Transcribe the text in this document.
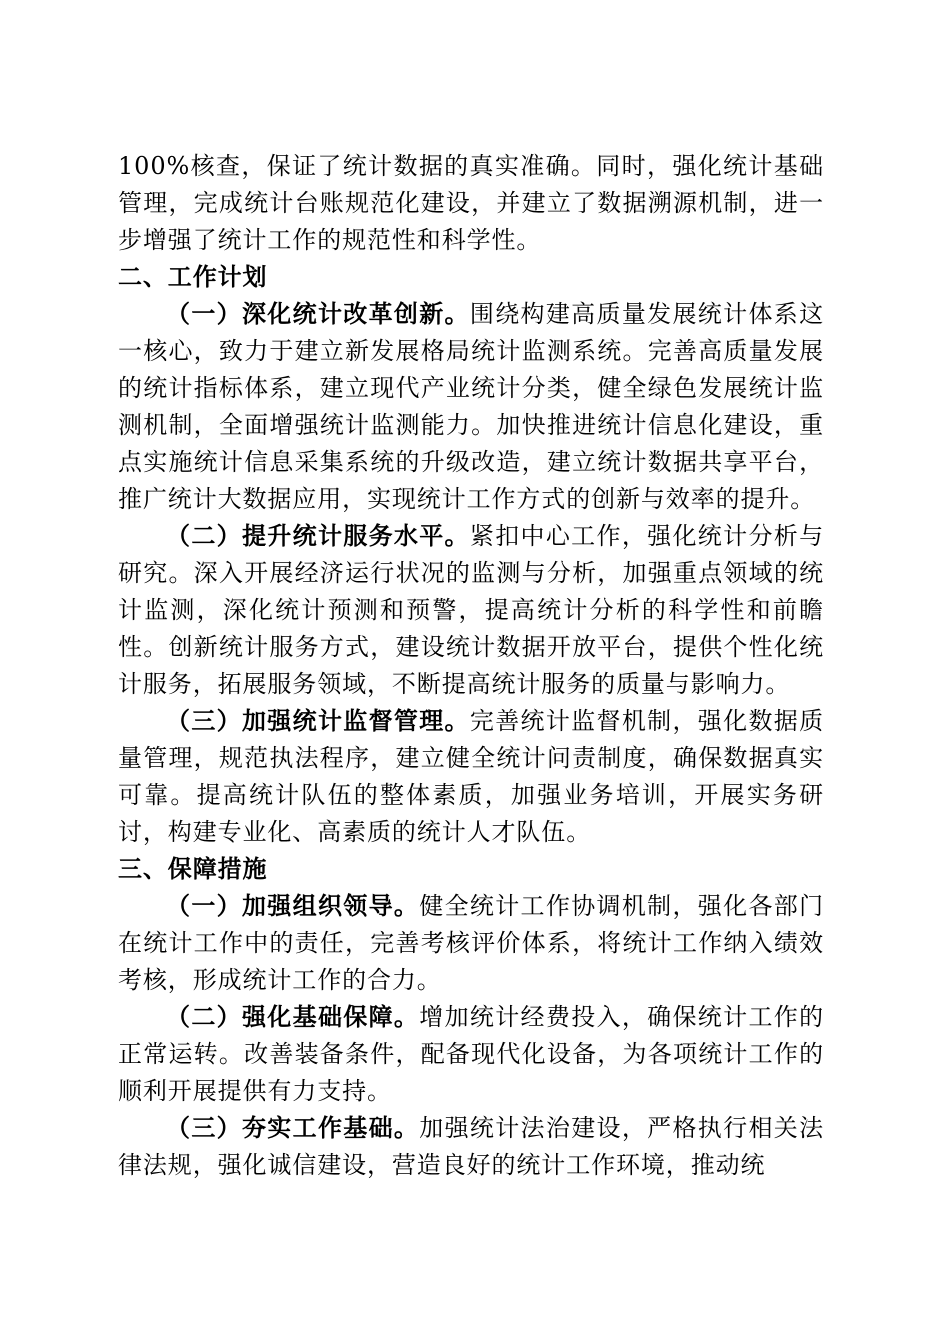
100%核查，保证了统计数据的真实准确。同时，强化统计基础管理，完成统计台账规范化建设，并建立了数据溯源机制，进一步增强了统计工作的规范性和科学性。

二、工作计划

（一）深化统计改革创新。围绕构建高质量发展统计体系这一核心，致力于建立新发展格局统计监测系统。完善高质量发展的统计指标体系，建立现代产业统计分类，健全绿色发展统计监测机制，全面增强统计监测能力。加快推进统计信息化建设，重点实施统计信息采集系统的升级改造，建立统计数据共享平台，推广统计大数据应用，实现统计工作方式的创新与效率的提升。

（二）提升统计服务水平。紧扣中心工作，强化统计分析与研究。深入开展经济运行状况的监测与分析，加强重点领域的统计监测，深化统计预测和预警，提高统计分析的科学性和前瞻性。创新统计服务方式，建设统计数据开放平台，提供个性化统计服务，拓展服务领域，不断提高统计服务的质量与影响力。

（三）加强统计监督管理。完善统计监督机制，强化数据质量管理，规范执法程序，建立健全统计问责制度，确保数据真实可靠。提高统计队伍的整体素质，加强业务培训，开展实务研讨，构建专业化、高素质的统计人才队伍。

三、保障措施

（一）加强组织领导。健全统计工作协调机制，强化各部门在统计工作中的责任，完善考核评价体系，将统计工作纳入绩效考核，形成统计工作的合力。

（二）强化基础保障。增加统计经费投入，确保统计工作的正常运转。改善装备条件，配备现代化设备，为各项统计工作的顺利开展提供有力支持。

（三）夯实工作基础。加强统计法治建设，严格执行相关法律法规，强化诚信建设，营造良好的统计工作环境，推动统
